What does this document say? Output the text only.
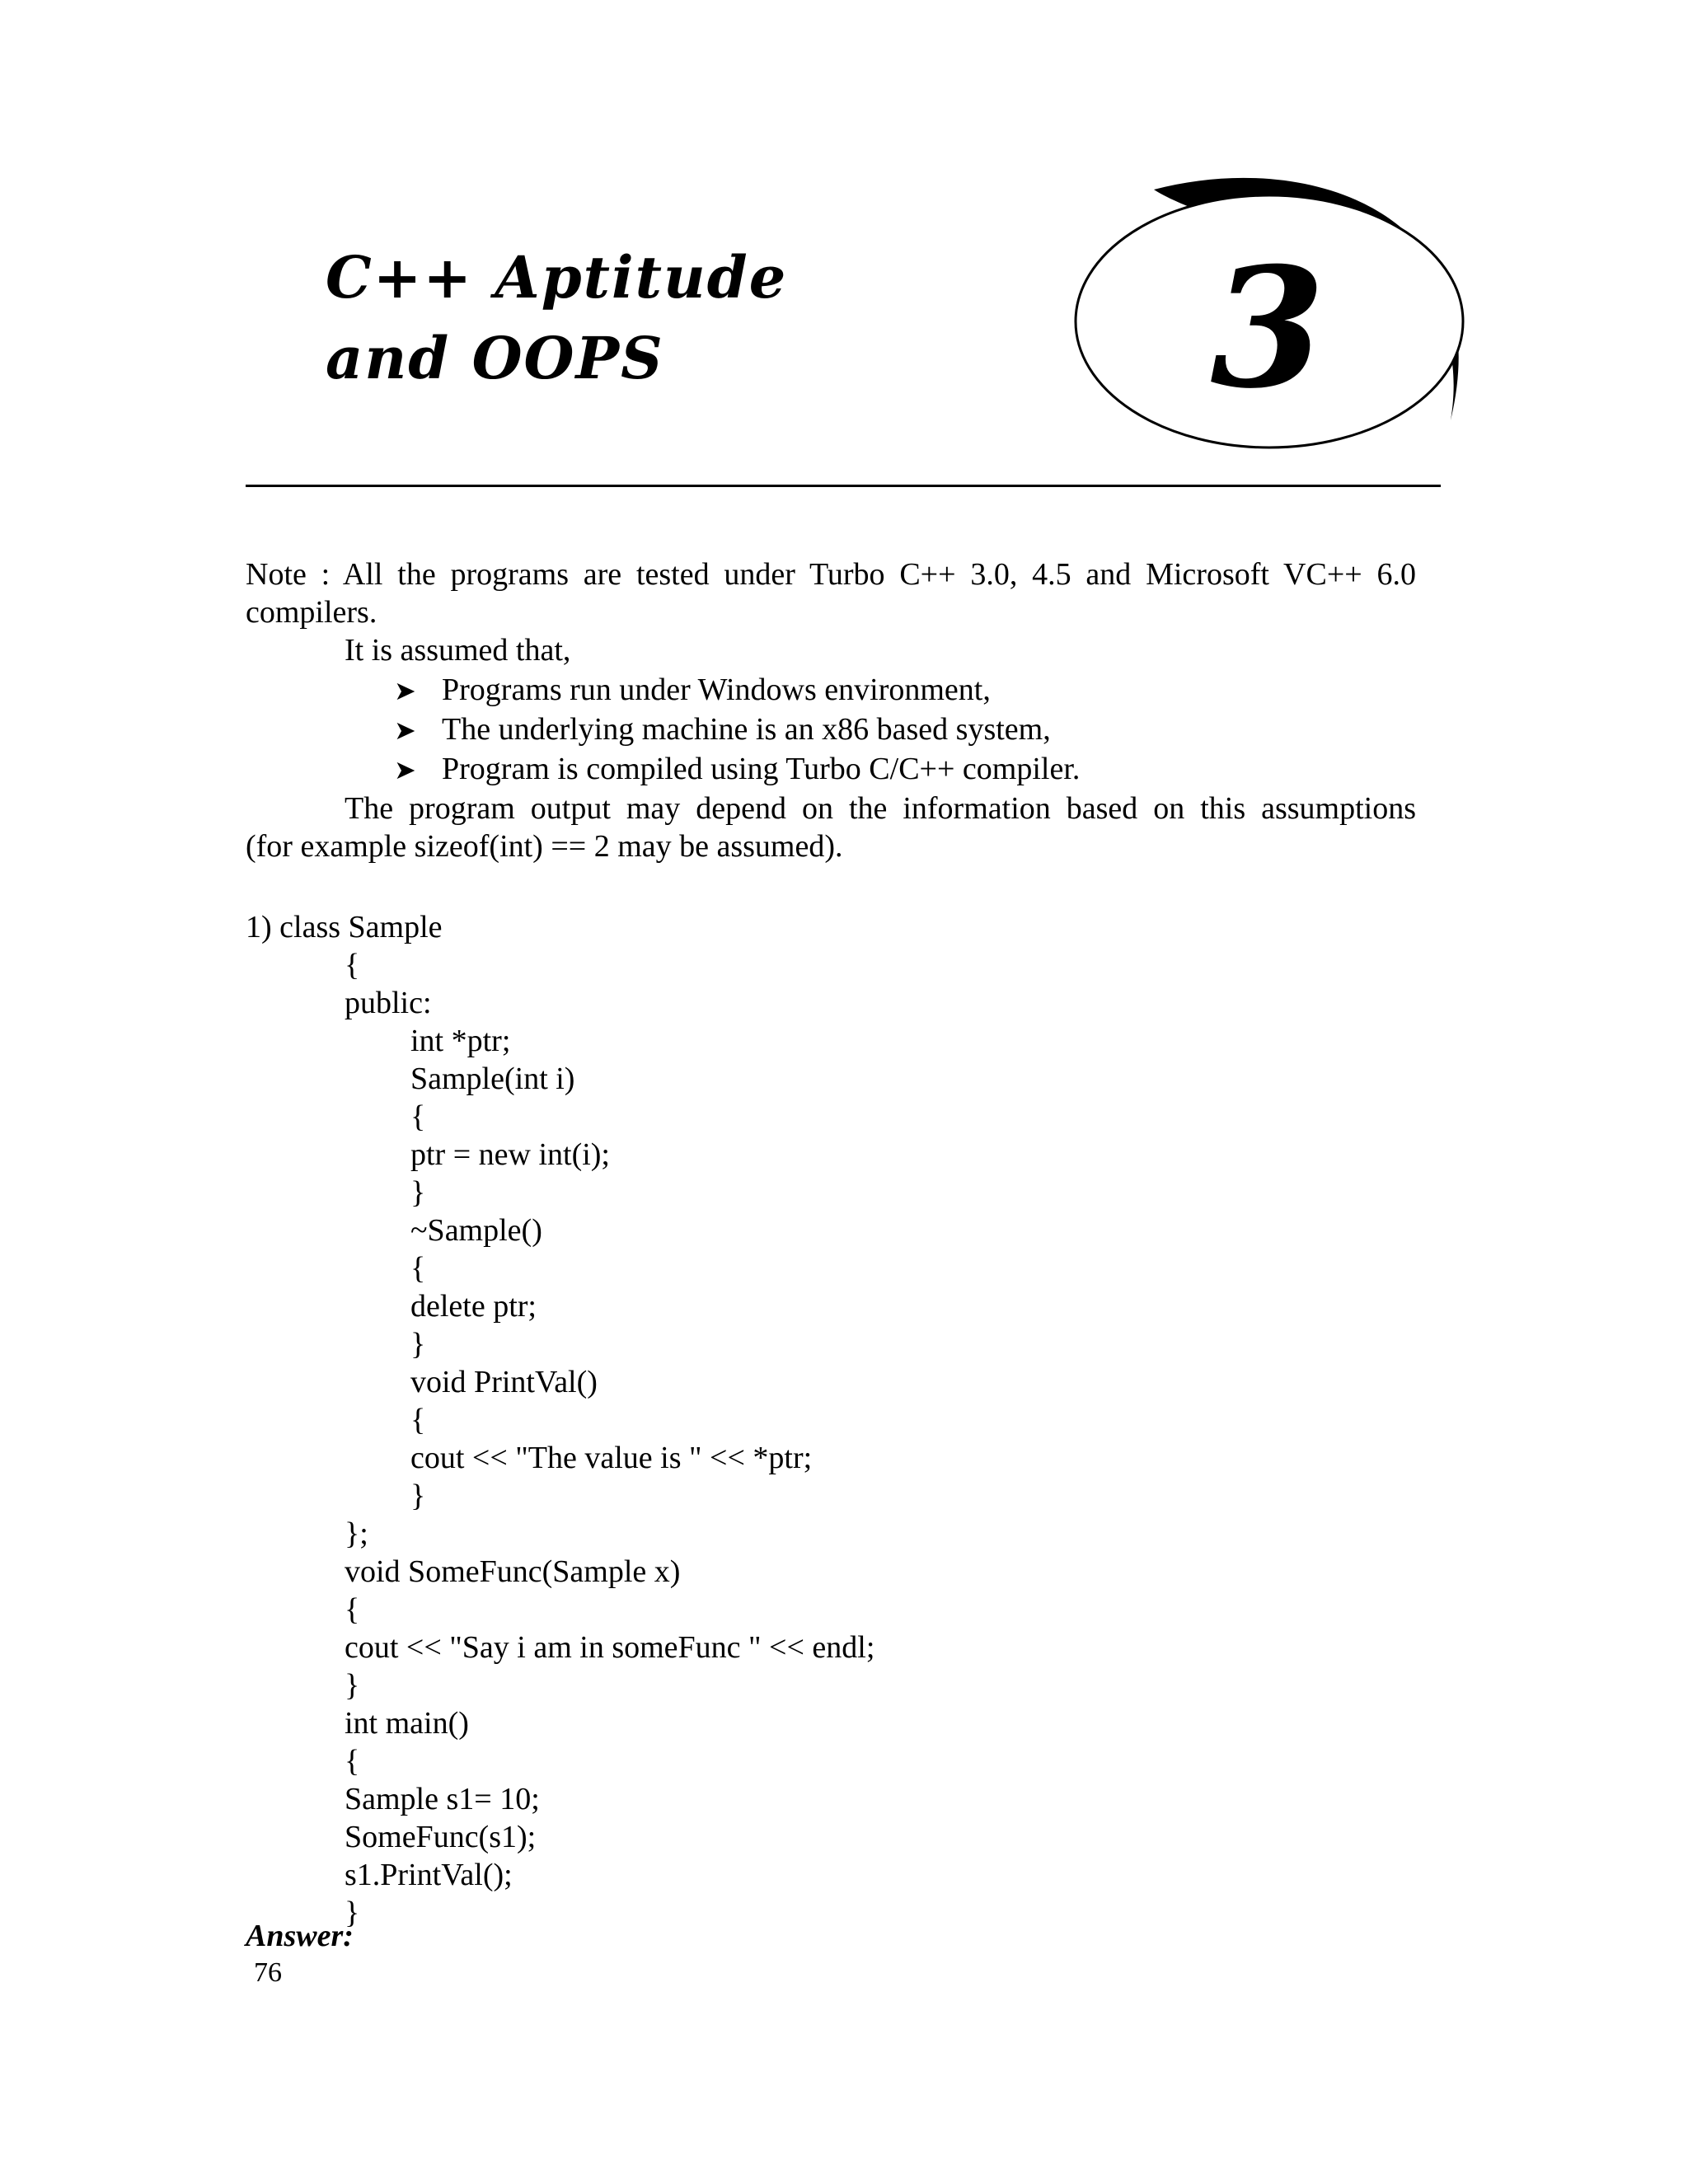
C++ Aptitude
and OOPS	3
Note : All the programs are tested under Turbo C++ 3.0, 4.5 and Microsoft VC++ 6.0
compilers.
It is assumed that,
➤ Programs run under Windows environment,
➤ The underlying machine is an x86 based system,
➤ Program is compiled using Turbo C/C++ compiler.
The program output may depend on the information based on this assumptions
(for example sizeof(int) == 2 may be assumed).
1) class Sample
{
public:
int *ptr;
Sample(int i)
{
ptr = new int(i);
}
~Sample()
{
delete ptr;
}
void PrintVal()
{
cout << "The value is " << *ptr;
}
};
void SomeFunc(Sample x)
{
cout << "Say i am in someFunc " << endl;
}
int main()
{
Sample s1= 10;
SomeFunc(s1);
s1.PrintVal();
}
Answer:
76
